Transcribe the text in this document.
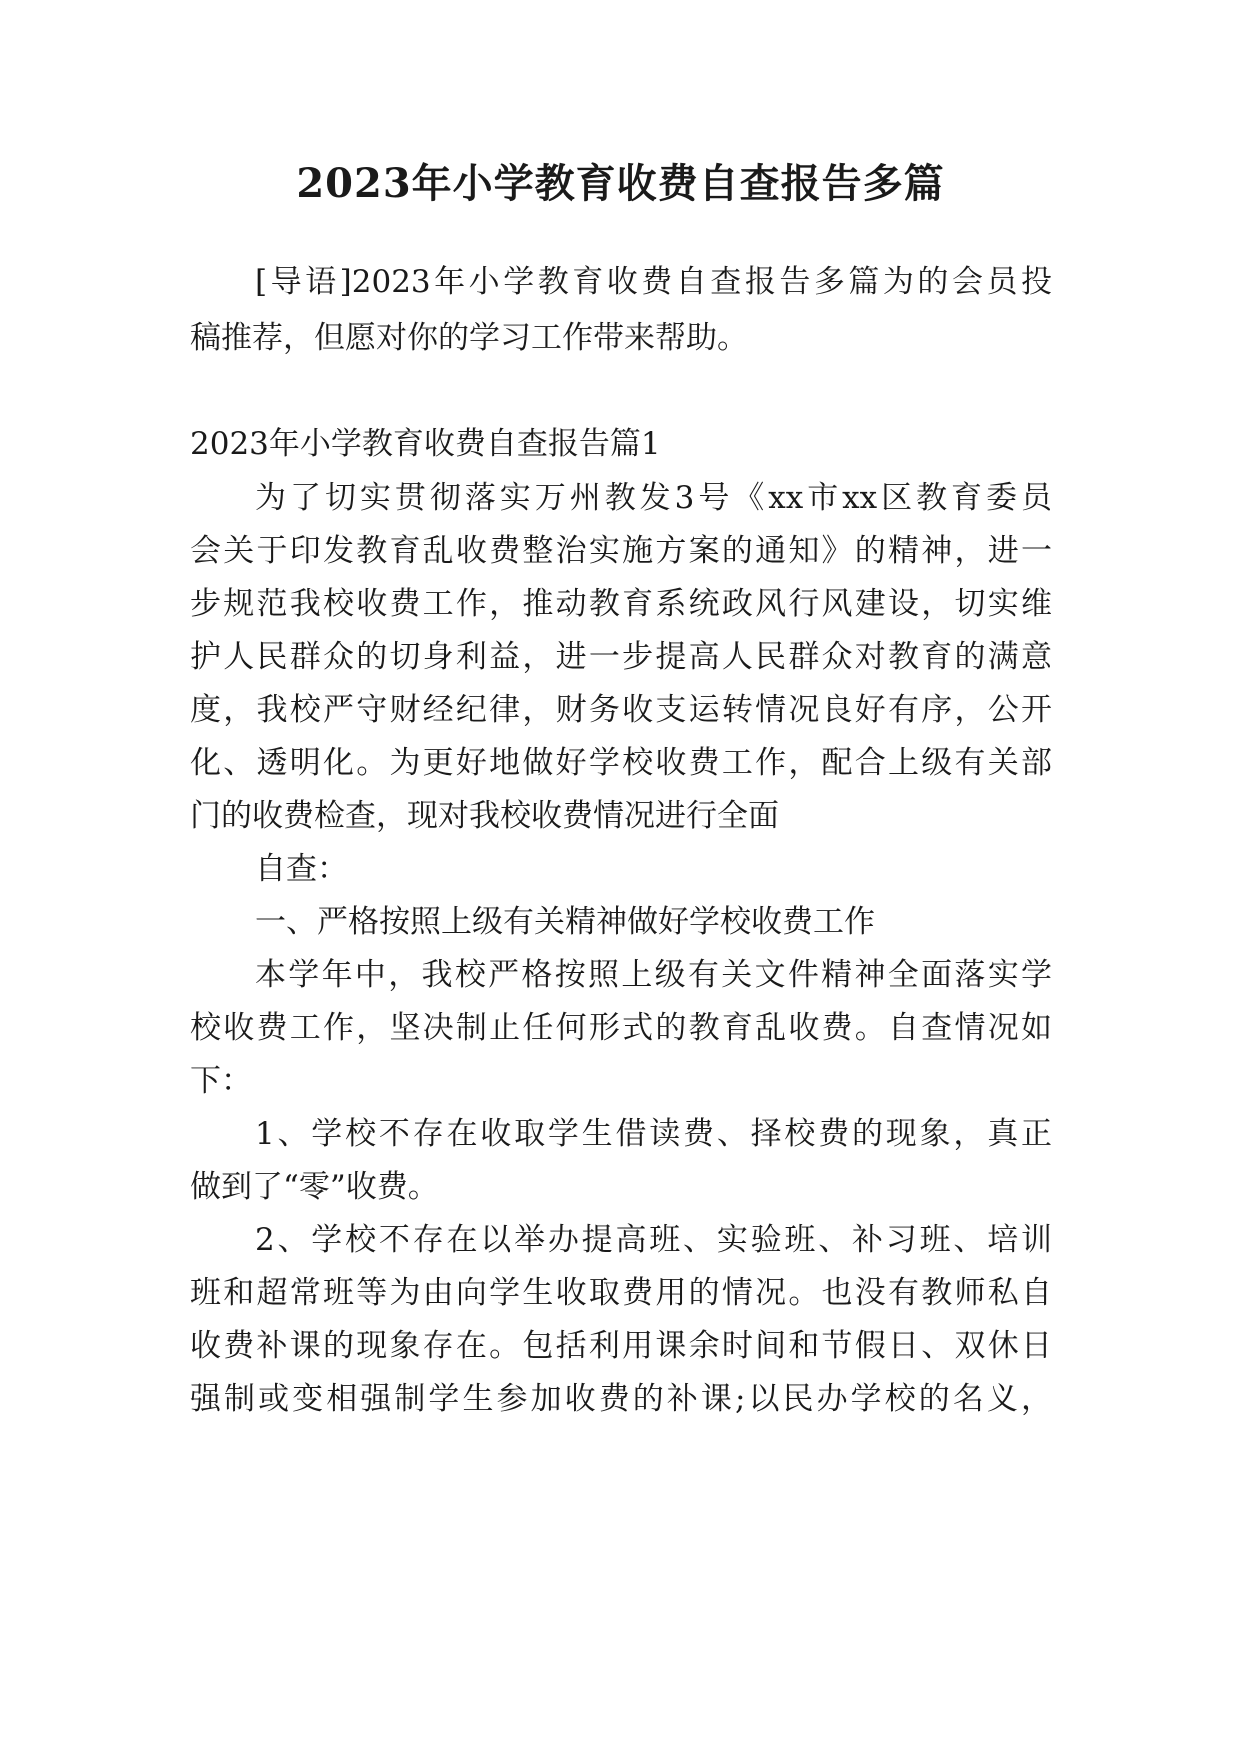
2023年小学教育收费自查报告多篇
[导语]2023年小学教育收费自查报告多篇为的会员投
稿推荐，但愿对你的学习工作带来帮助。
2023年小学教育收费自查报告篇1
为了切实贯彻落实万州教发3号《xx市xx区教育委员
会关于印发教育乱收费整治实施方案的通知》的精神，进一
步规范我校收费工作，推动教育系统政风行风建设，切实维
护人民群众的切身利益，进一步提高人民群众对教育的满意
度，我校严守财经纪律，财务收支运转情况良好有序，公开
化、透明化。为更好地做好学校收费工作，配合上级有关部
门的收费检查，现对我校收费情况进行全面
自查：
一、严格按照上级有关精神做好学校收费工作
本学年中，我校严格按照上级有关文件精神全面落实学
校收费工作，坚决制止任何形式的教育乱收费。自查情况如
下：
1、学校不存在收取学生借读费、择校费的现象，真正
做到了“零”收费。
2、学校不存在以举办提高班、实验班、补习班、培训
班和超常班等为由向学生收取费用的情况。也没有教师私自
收费补课的现象存在。包括利用课余时间和节假日、双休日
强制或变相强制学生参加收费的补课;以民办学校的名义，
